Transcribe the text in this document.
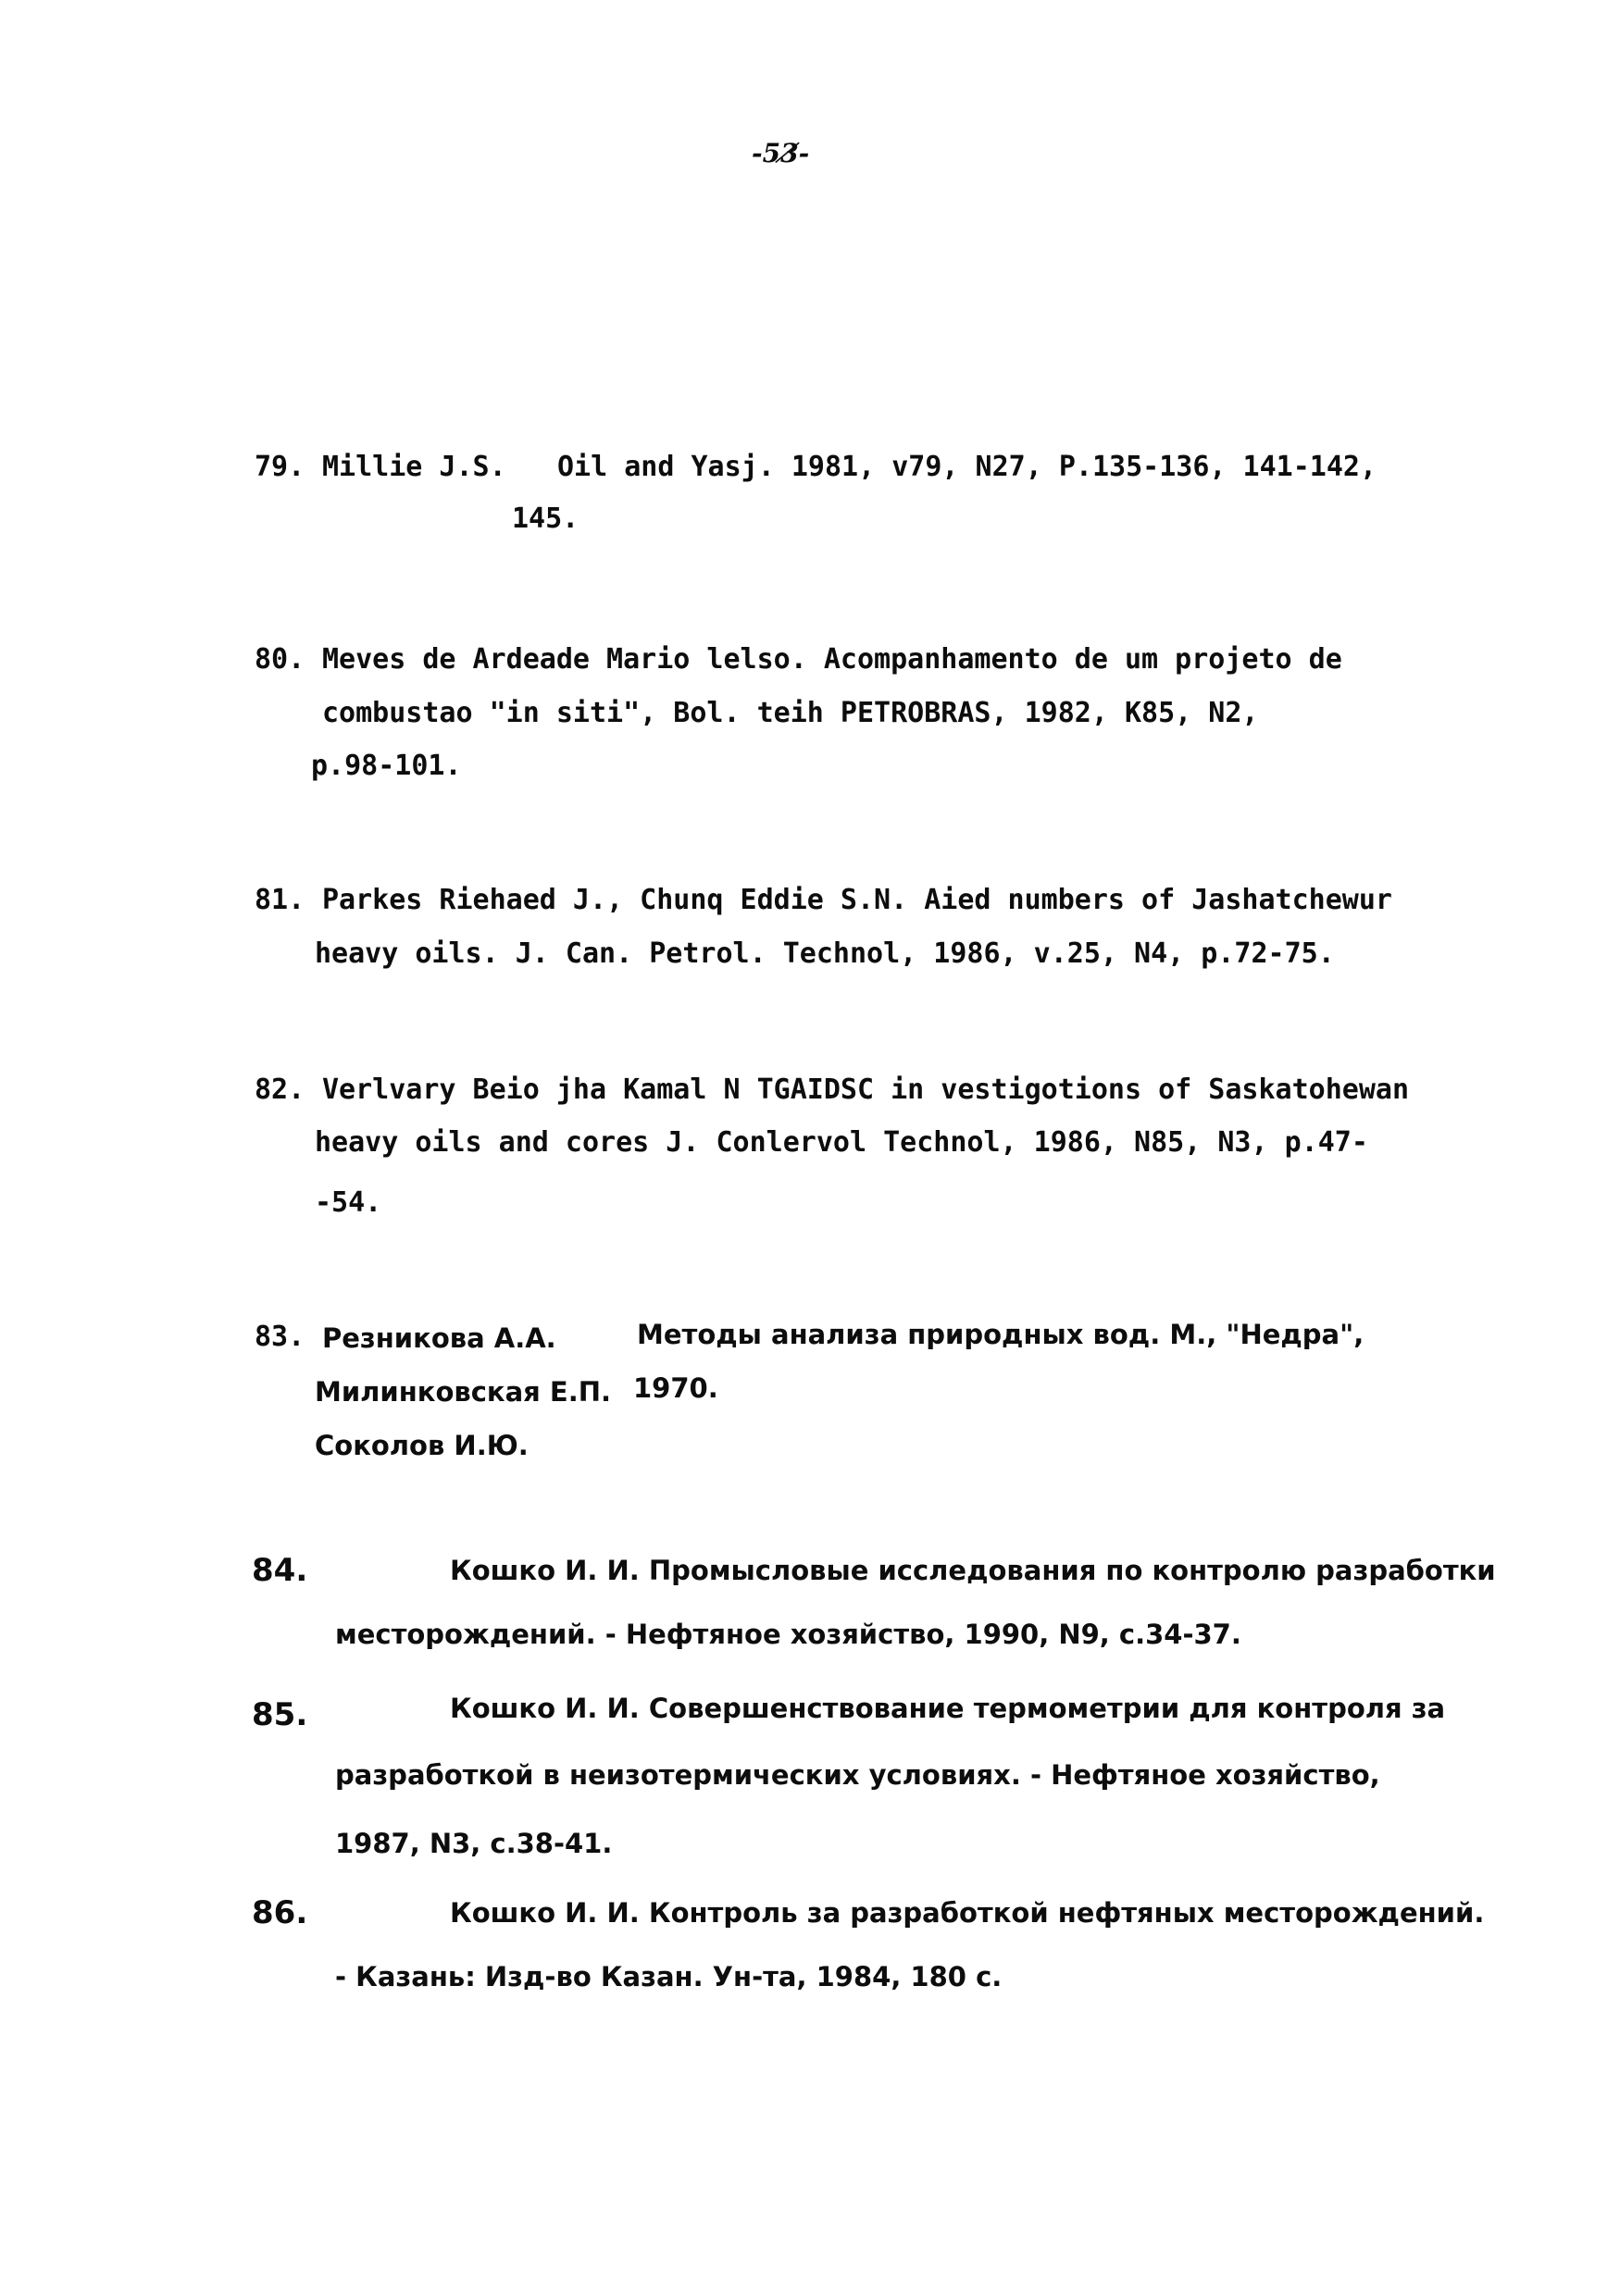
-53̸-
79. Millie J.S. Oil and Yasj. 1981, v79, N27, P.135-136, 141-142,
145.
80. Meves de Ardeade Mario lelso. Acompanhamento de um projeto de
combustao "in siti", Bol. teih PETROBRAS, 1982, K85, N2,
p.98-101.
81. Parkes Riehaed J., Chunq Eddie S.N. Aied numbers of Jashatchewur
heavy oils. J. Can. Petrol. Technol, 1986, v.25, N4, p.72-75.
82. Verlvary Beio jha Kamal N TGAIDSC in vestigotions of Saskatohewan
heavy oils and cores J. Conlervol Technol, 1986, N85, N3, p.47-
-54.
83. Резникова А.А.	Методы анализа природных вод. М., "Недра",
Милинковская Е.П. 1970.
Соколов И.Ю.
84.	Кошко И. И. Промысловые исследования по контролю разработки
месторождений. - Нефтяное хозяйство, 1990, N9, с.34-37.
85.	Кошко И. И. Совершенствование термометрии для контроля за
разработкой в неизотермических условиях. - Нефтяное хозяйство,
1987, N3, с.38-41.
86.	Кошко И. И. Контроль за разработкой нефтяных месторождений.
- Казань: Изд-во Казан. Ун-та, 1984, 180 с.
